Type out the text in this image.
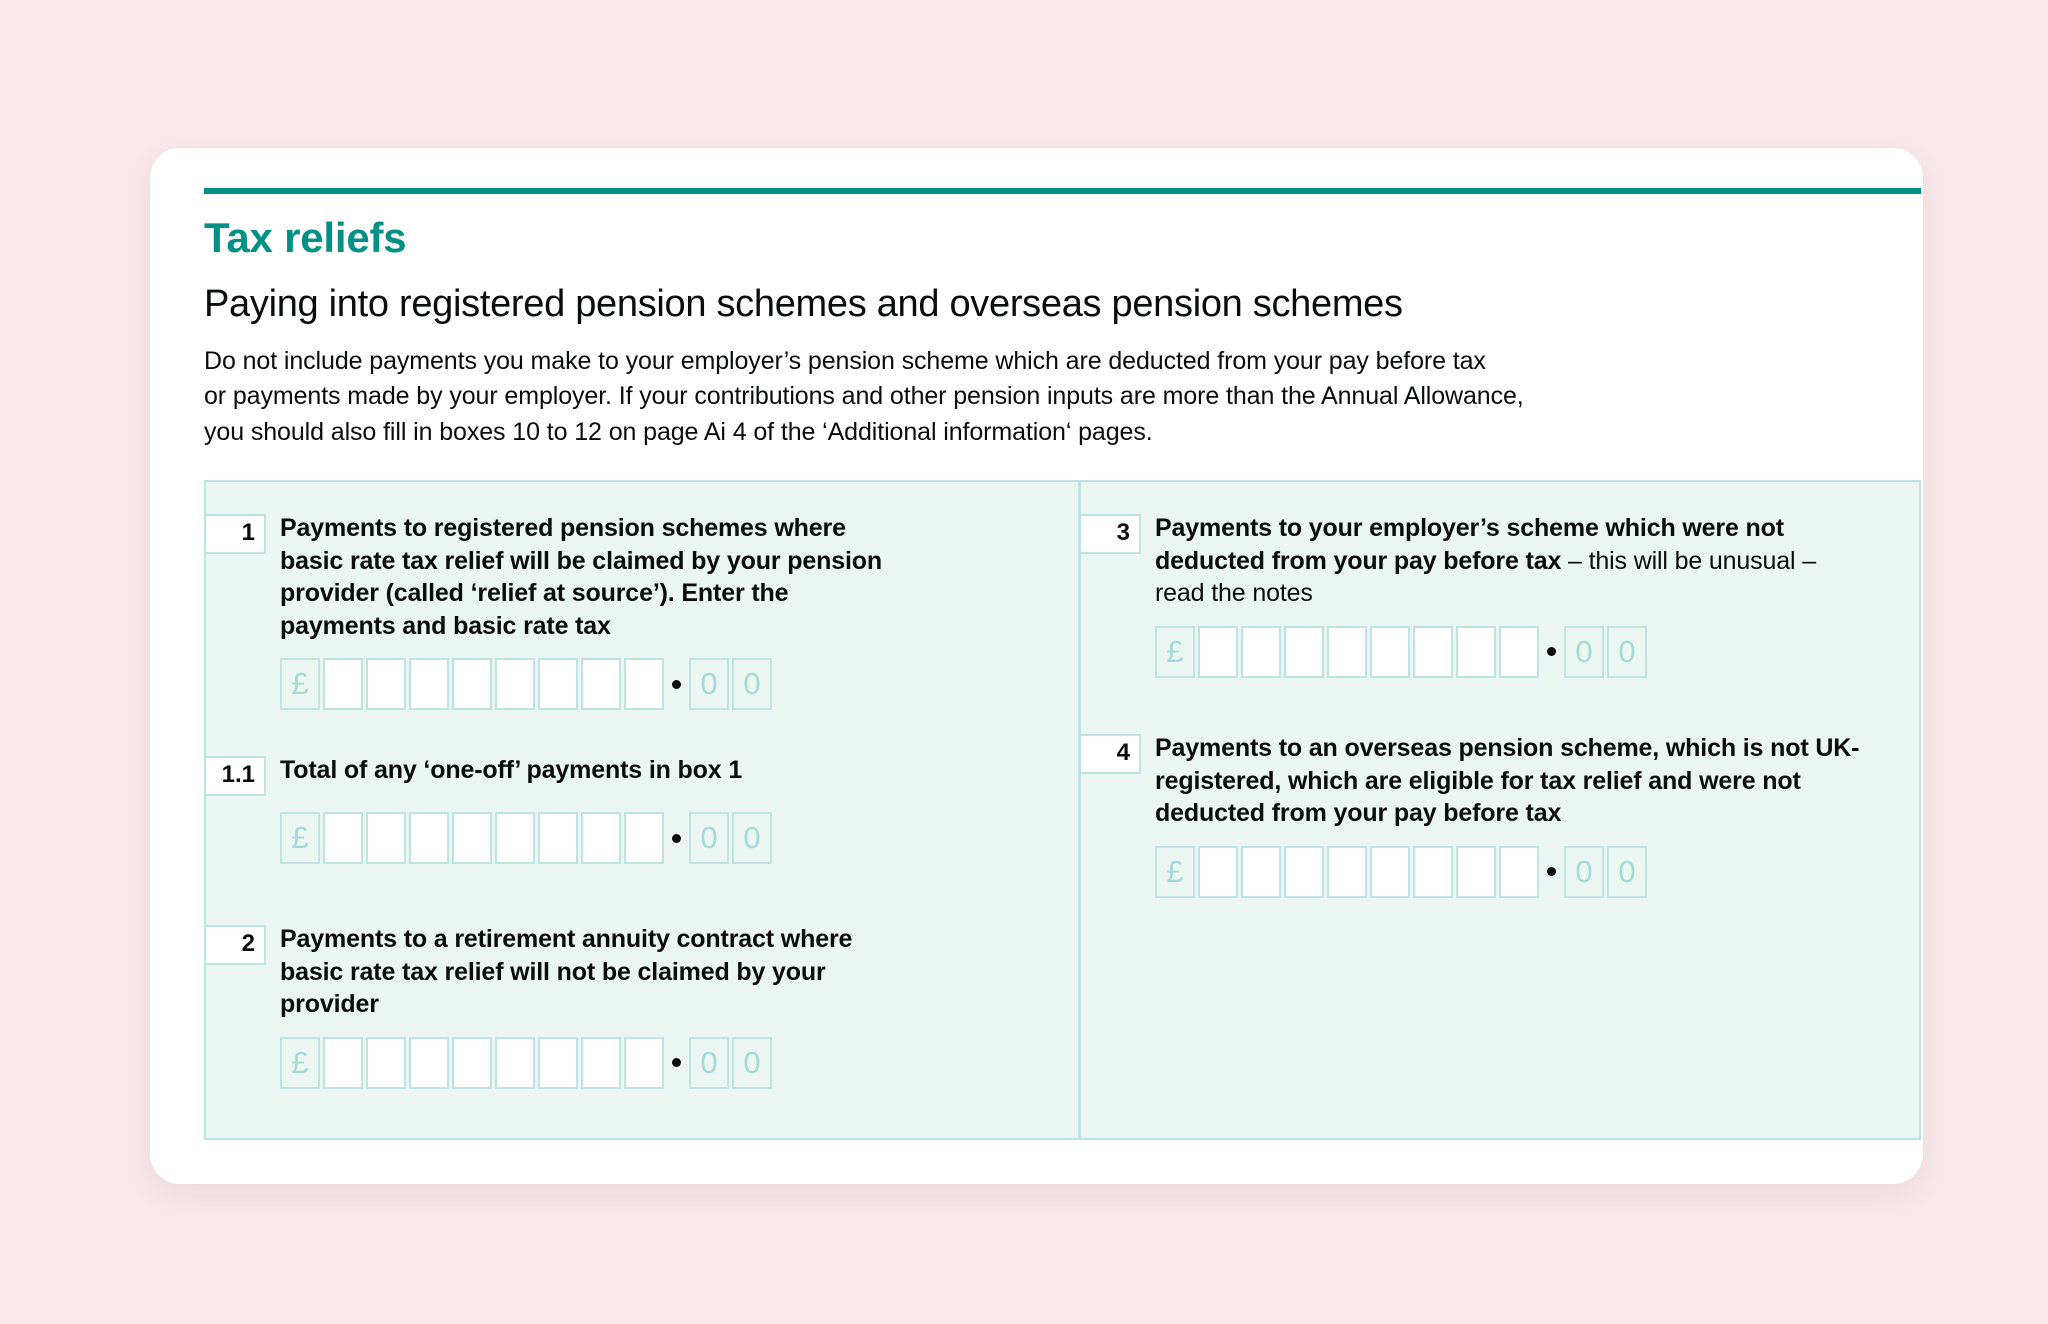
Tax reliefs
Paying into registered pension schemes and overseas pension schemes
Do not include payments you make to your employer’s pension scheme which are deducted from your pay before tax
or payments made by your employer. If your contributions and other pension inputs are more than the Annual Allowance,
you should also fill in boxes 10 to 12 on page Ai 4 of the ‘Additional information‘ pages.
1	Payments to registered pension schemes where basic rate tax relief will be claimed by your pension provider (called ‘relief at source’). Enter the payments and basic rate tax
£	0 0
1.1	Total of any ‘one-off’ payments in box 1
£	0 0
2	Payments to a retirement annuity contract where basic rate tax relief will not be claimed by your provider
£	0 0
3	Payments to your employer’s scheme which were not deducted from your pay before tax – this will be unusual – read the notes
£	0 0
4	Payments to an overseas pension scheme, which is not UK-registered, which are eligible for tax relief and were not deducted from your pay before tax
£	0 0
